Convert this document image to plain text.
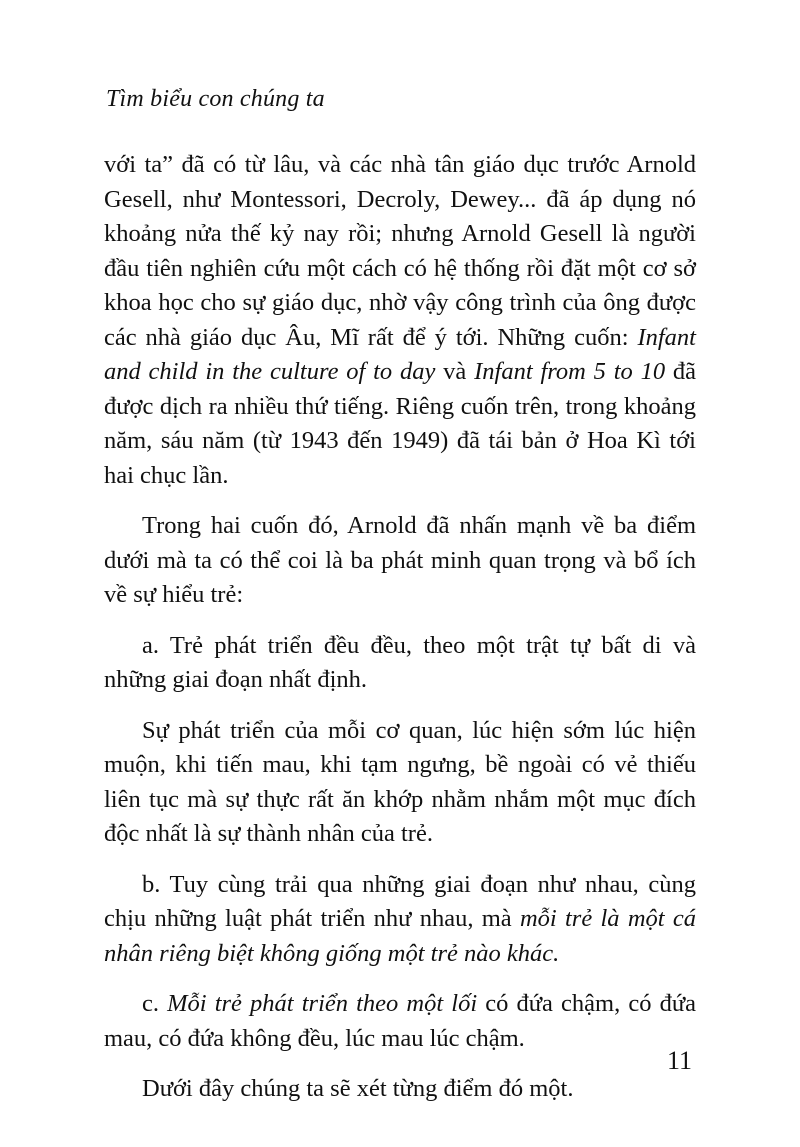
Tìm biểu con chúng ta

với ta” đã có từ lâu, và các nhà tân giáo dục trước Arnold Gesell, như Montessori, Decroly, Dewey... đã áp dụng nó khoảng nửa thế kỷ nay rồi; nhưng Arnold Gesell là người đầu tiên nghiên cứu một cách có hệ thống rồi đặt một cơ sở khoa học cho sự giáo dục, nhờ vậy công trình của ông được các nhà giáo dục Âu, Mĩ rất để ý tới. Những cuốn: Infant and child in the culture of to day và Infant from 5 to 10 đã được dịch ra nhiều thứ tiếng. Riêng cuốn trên, trong khoảng năm, sáu năm (từ 1943 đến 1949) đã tái bản ở Hoa Kì tới hai chục lần.

Trong hai cuốn đó, Arnold đã nhấn mạnh về ba điểm dưới mà ta có thể coi là ba phát minh quan trọng và bổ ích về sự hiểu trẻ:

a. Trẻ phát triển đều đều, theo một trật tự bất di và những giai đoạn nhất định.

Sự phát triển của mỗi cơ quan, lúc hiện sớm lúc hiện muộn, khi tiến mau, khi tạm ngưng, bề ngoài có vẻ thiếu liên tục mà sự thực rất ăn khớp nhằm nhắm một mục đích độc nhất là sự thành nhân của trẻ.

b. Tuy cùng trải qua những giai đoạn như nhau, cùng chịu những luật phát triển như nhau, mà mỗi trẻ là một cá nhân riêng biệt không giống một trẻ nào khác.

c. Mỗi trẻ phát triển theo một lối có đứa chậm, có đứa mau, có đứa không đều, lúc mau lúc chậm.

Dưới đây chúng ta sẽ xét từng điểm đó một.

11
